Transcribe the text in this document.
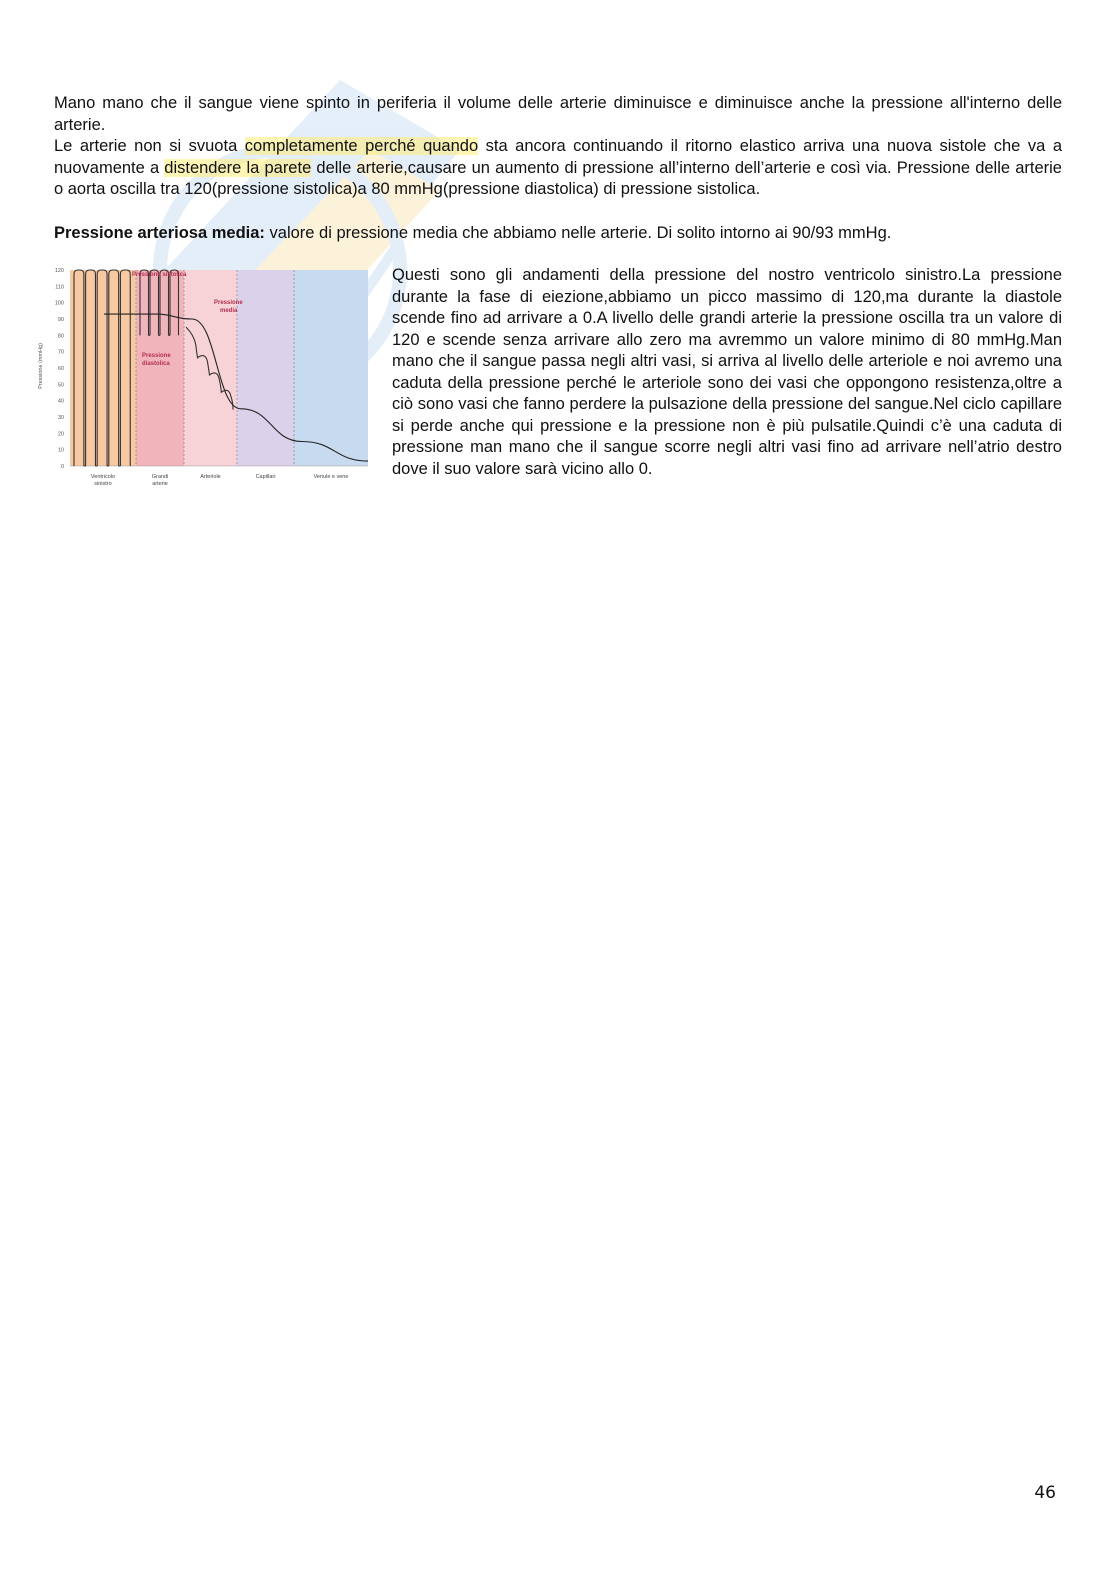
Mano mano che il sangue viene spinto in periferia il volume delle arterie diminuisce e diminuisce anche la pressione all'interno delle arterie.

Le arterie non si svuota completamente perché quando sta ancora continuando il ritorno elastico arriva una nuova sistole che va a nuovamente a distendere la parete delle arterie,causare un aumento di pressione all’interno dell’arterie e così via. Pressione delle arterie o aorta oscilla tra 120(pressione sistolica)a 80 mmHg(pressione diastolica) di pressione sistolica.

Pressione arteriosa media: valore di pressione media che abbiamo nelle arterie. Di solito intorno ai 90/93 mmHg.

0
10
20
30
40
50
60
70
80
90
100
110
120
Ventricolo
sinistro
Grandi
arterie
Arteriole	Capillari	Venule e vene
Pressione (mmHg)
Pressione sistolica
Pressione
media
Pressione
diastolica

Questi sono gli andamenti della pressione del nostro ventricolo sinistro.La pressione durante la fase di eiezione,abbiamo un picco massimo di 120,ma durante la diastole scende fino ad arrivare a 0.A livello delle grandi arterie la pressione oscilla tra un valore di 120 e scende senza arrivare allo zero ma avremmo un valore minimo di 80 mmHg.Man mano che il sangue passa negli altri vasi, si arriva al livello delle arteriole e noi avremo una caduta della pressione perché le arteriole sono dei vasi che oppongono resistenza,oltre a ciò sono vasi che fanno perdere la pulsazione della pressione del sangue.Nel ciclo capillare si perde anche qui pressione e la pressione non è più pulsatile.Quindi c’è una caduta di pressione man mano che il sangue scorre negli altri vasi fino ad arrivare nell’atrio destro dove il suo valore sarà vicino allo 0.

46
